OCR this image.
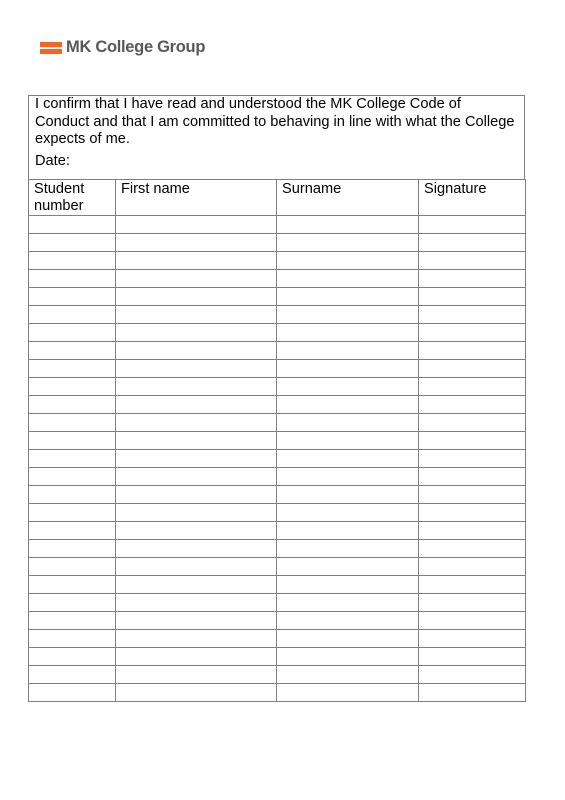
MK College Group

I confirm that I have read and understood the MK College Code of Conduct and that I am committed to behaving in line with what the College expects of me.

Date:
Student number	First name	Surname	Signature
